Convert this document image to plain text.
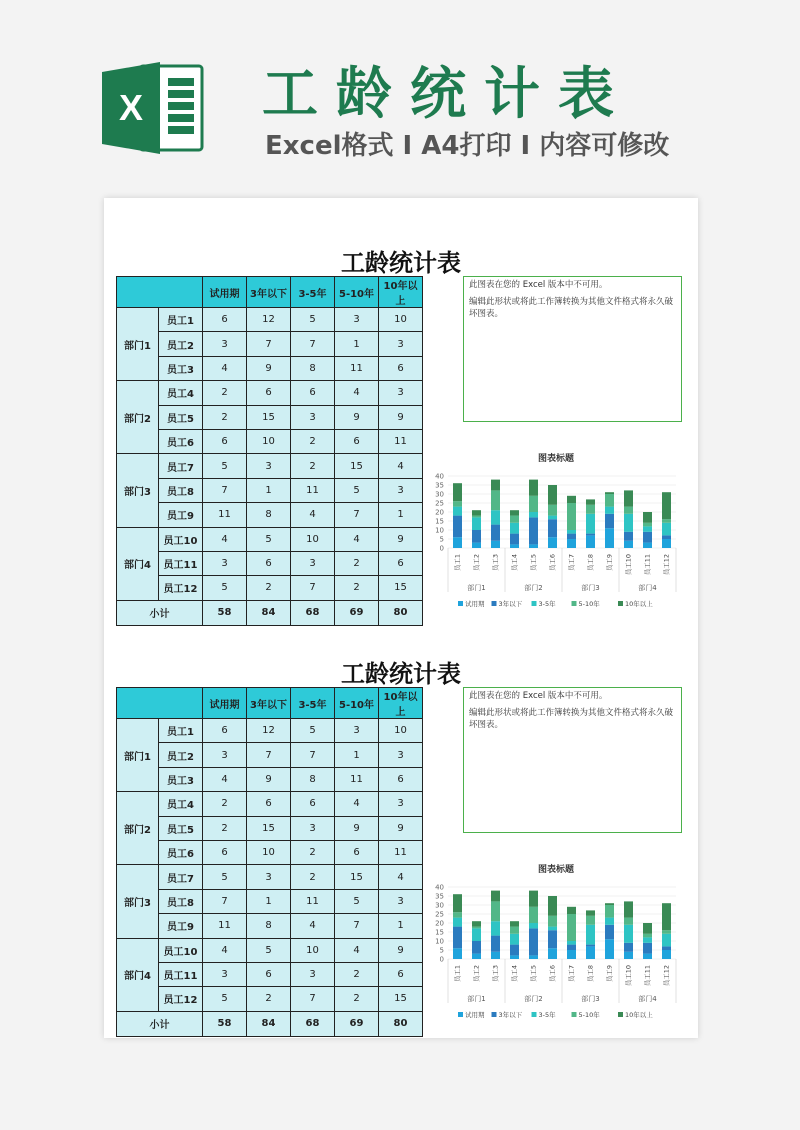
X 工龄统计表
Excel格式 I A4打印 I 内容可修改
工龄统计表
		试用期	3年以下	3-5年	5-10年	10年以上
部门1	员工1	6	12	5	3	10
	员工2	3	7	7	1	3
	员工3	4	9	8	11	6
部门2	员工4	2	6	6	4	3
	员工5	2	15	3	9	9
	员工6	6	10	2	6	11
部门3	员工7	5	3	2	15	4
	员工8	7	1	11	5	3
	员工9	11	8	4	7	1
部门4	员工10	4	5	10	4	9
	员工11	3	6	3	2	6
	员工12	5	2	7	2	15
小计		58	84	68	69	80

此图表在您的 Excel 版本中不可用。

编辑此形状或将此工作簿转换为其他文件格式将永久破坏图表。

图表标题
0
5
10
15
20
25
30
35
40
员工1 员工2 员工3 员工4 员工5 员工6 员工7 员工8 员工9 员工10 员工11 员工12
部门1	部门2	部门3	部门4
试用期 3年以下	3-5年	5-10年	10年以上
工龄统计表
		试用期	3年以下	3-5年	5-10年	10年以上
部门1	员工1	6	12	5	3	10
	员工2	3	7	7	1	3
	员工3	4	9	8	11	6
部门2	员工4	2	6	6	4	3
	员工5	2	15	3	9	9
	员工6	6	10	2	6	11
部门3	员工7	5	3	2	15	4
	员工8	7	1	11	5	3
	员工9	11	8	4	7	1
部门4	员工10	4	5	10	4	9
	员工11	3	6	3	2	6
	员工12	5	2	7	2	15
小计		58	84	68	69	80

此图表在您的 Excel 版本中不可用。

编辑此形状或将此工作簿转换为其他文件格式将永久破坏图表。

图表标题
0
5
10
15
20
25
30
35
40
员工1 员工2 员工3 员工4 员工5 员工6 员工7 员工8 员工9 员工10 员工11 员工12
部门1	部门2	部门3	部门4
试用期 3年以下	3-5年	5-10年	10年以上
